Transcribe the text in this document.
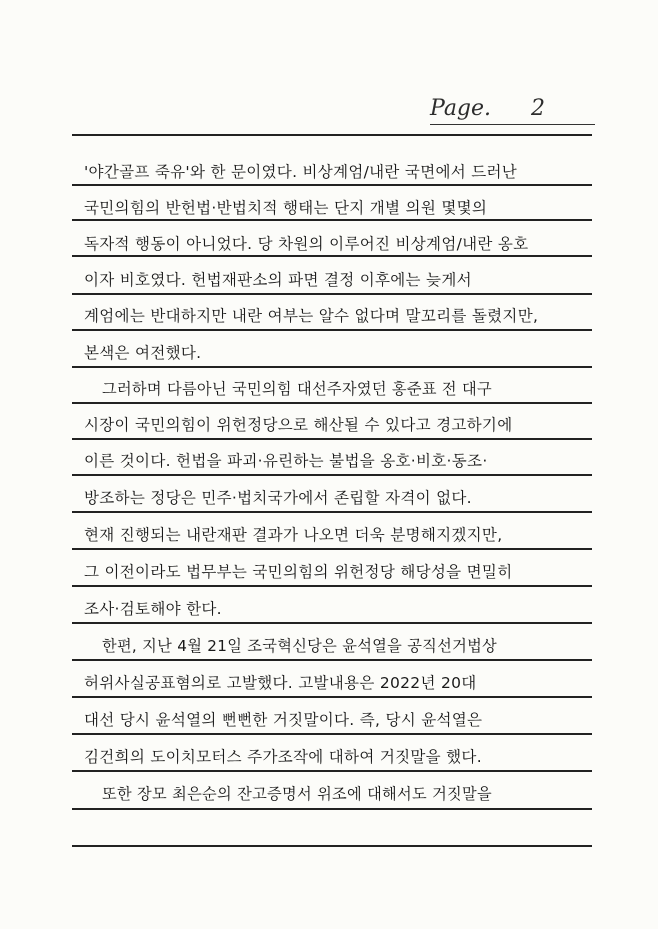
Page. 2
'야간골프 죽유'와 한 문이였다. 비상계엄/내란 국면에서 드러난
국민의힘의 반헌법·반법치적 행태는 단지 개별 의원 몇몇의
독자적 행동이 아니었다. 당 차원의 이루어진 비상계엄/내란 옹호
이자 비호였다. 헌법재판소의 파면 결정 이후에는 늦게서
계엄에는 반대하지만 내란 여부는 알수 없다며 말꼬리를 돌렸지만,
본색은 여전했다.
그러하며 다름아닌 국민의힘 대선주자였던 홍준표 전 대구
시장이 국민의힘이 위헌정당으로 해산될 수 있다고 경고하기에
이른 것이다. 헌법을 파괴·유린하는 불법을 옹호·비호·동조·
방조하는 정당은 민주·법치국가에서 존립할 자격이 없다.
현재 진행되는 내란재판 결과가 나오면 더욱 분명해지겠지만,
그 이전이라도 법무부는 국민의힘의 위헌정당 해당성을 면밀히
조사·검토해야 한다.
한편, 지난 4월 21일 조국혁신당은 윤석열을 공직선거법상
허위사실공표혐의로 고발했다. 고발내용은 2022년 20대
대선 당시 윤석열의 뻔뻔한 거짓말이다. 즉, 당시 윤석열은
김건희의 도이치모터스 주가조작에 대하여 거짓말을 했다.
또한 장모 최은순의 잔고증명서 위조에 대해서도 거짓말을
